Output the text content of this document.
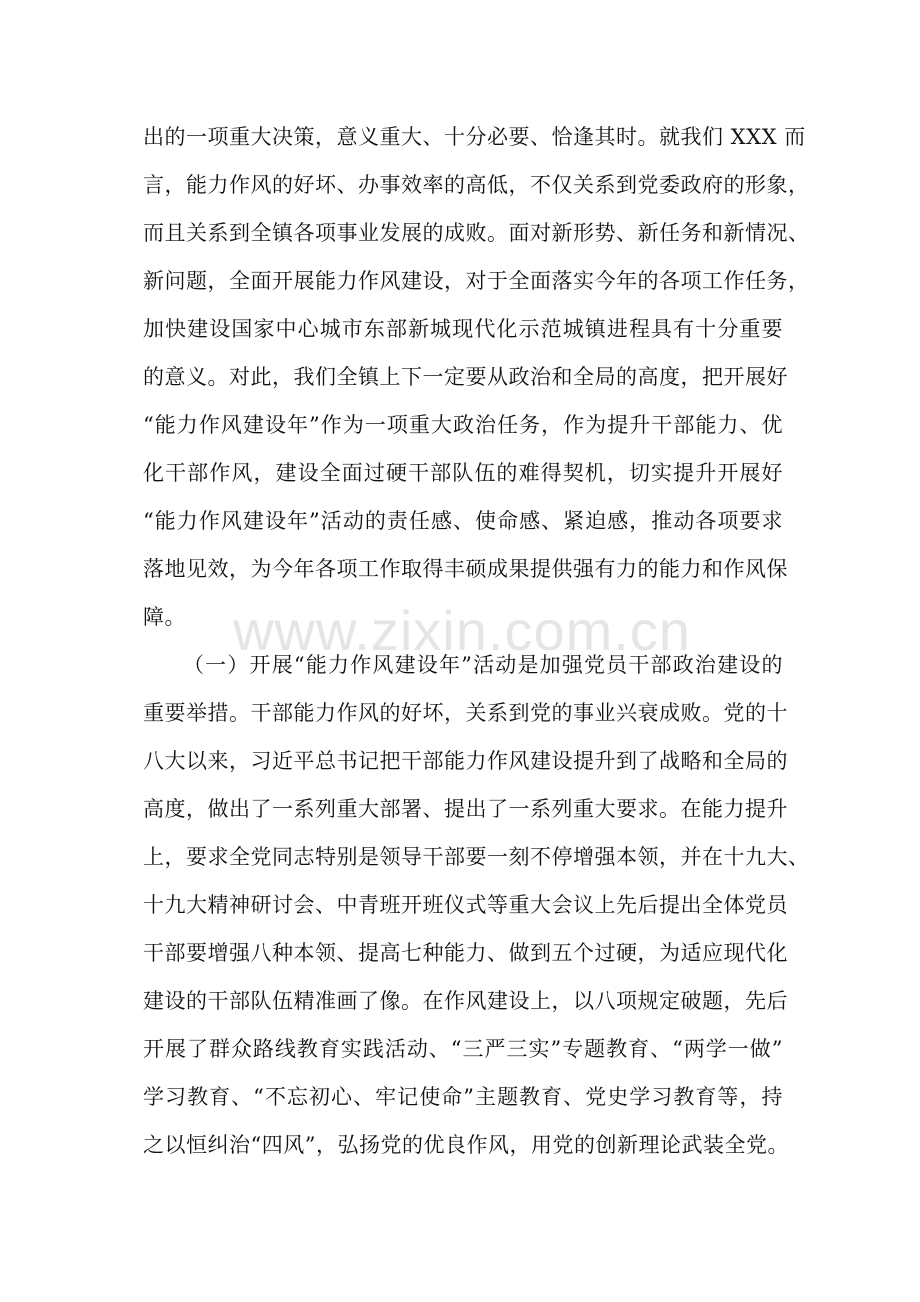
www.zixin.com.cn
出的一项重大决策，意义重大、十分必要、恰逢其时。就我们 XXX 而
言，能力作风的好坏、办事效率的高低，不仅关系到党委政府的形象，
而且关系到全镇各项事业发展的成败。面对新形势、新任务和新情况、
新问题，全面开展能力作风建设，对于全面落实今年的各项工作任务，
加快建设国家中心城市东部新城现代化示范城镇进程具有十分重要
的意义。对此，我们全镇上下一定要从政治和全局的高度，把开展好
“能力作风建设年”作为一项重大政治任务，作为提升干部能力、优
化干部作风，建设全面过硬干部队伍的难得契机，切实提升开展好
“能力作风建设年”活动的责任感、使命感、紧迫感，推动各项要求
落地见效，为今年各项工作取得丰硕成果提供强有力的能力和作风保
障。
（一）开展“能力作风建设年”活动是加强党员干部政治建设的
重要举措。干部能力作风的好坏，关系到党的事业兴衰成败。党的十
八大以来，习近平总书记把干部能力作风建设提升到了战略和全局的
高度，做出了一系列重大部署、提出了一系列重大要求。在能力提升
上，要求全党同志特别是领导干部要一刻不停增强本领，并在十九大、
十九大精神研讨会、中青班开班仪式等重大会议上先后提出全体党员
干部要增强八种本领、提高七种能力、做到五个过硬，为适应现代化
建设的干部队伍精准画了像。在作风建设上，以八项规定破题，先后
开展了群众路线教育实践活动、“三严三实”专题教育、“两学一做”
学习教育、“不忘初心、牢记使命”主题教育、党史学习教育等，持
之以恒纠治“四风”，弘扬党的优良作风，用党的创新理论武装全党。
